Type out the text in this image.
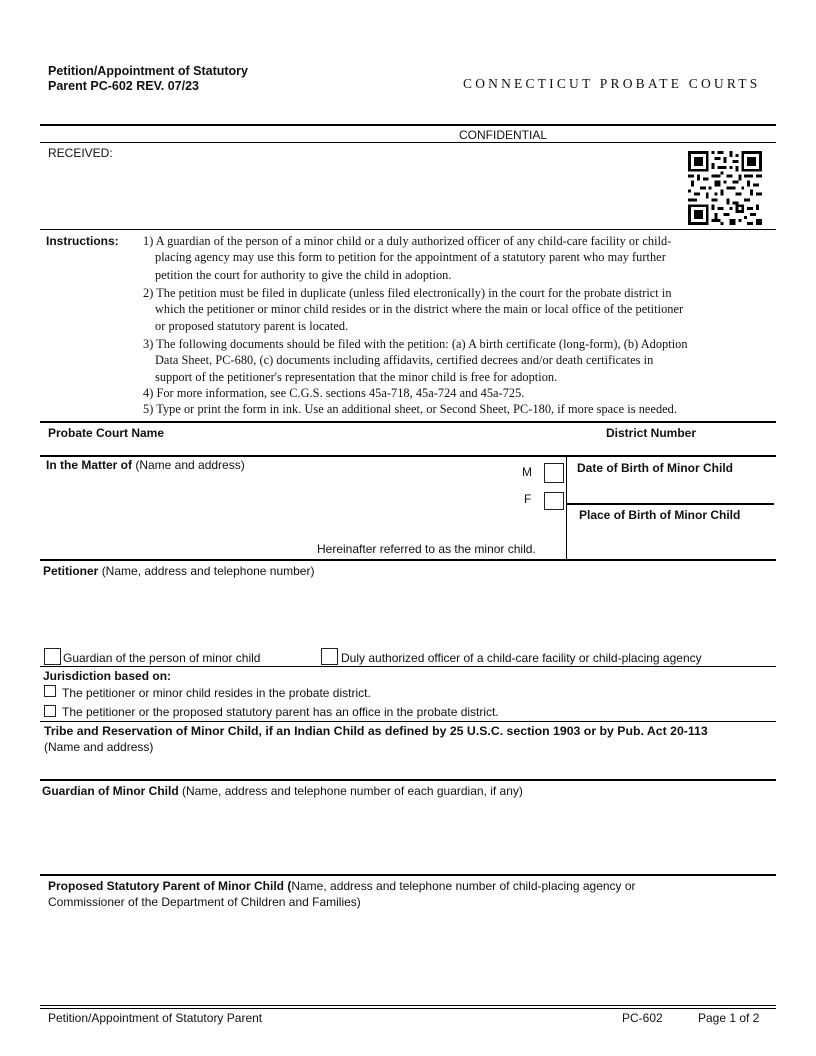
Petition/Appointment of Statutory
Parent PC-602 REV. 07/23	CONNECTICUT PROBATE COURTS
CONFIDENTIAL
RECEIVED:
Instructions: 1) A guardian of the person of a minor child or a duly authorized officer of any child-care facility or child-
placing agency may use this form to petition for the appointment of a statutory parent who may further
petition the court for authority to give the child in adoption.
2) The petition must be filed in duplicate (unless filed electronically) in the court for the probate district in
which the petitioner or minor child resides or in the district where the main or local office of the petitioner
or proposed statutory parent is located.
3) The following documents should be filed with the petition: (a) A birth certificate (long-form), (b) Adoption
Data Sheet, PC-680, (c) documents including affidavits, certified decrees and/or death certificates in
support of the petitioner's representation that the minor child is free for adoption.
4) For more information, see C.G.S. sections 45a-718, 45a-724 and 45a-725.
5) Type or print the form in ink. Use an additional sheet, or Second Sheet, PC-180, if more space is needed.
Probate Court Name	District Number
In the Matter of (Name and address)	M
F
Hereinafter referred to as the minor child.
Date of Birth of Minor Child
Place of Birth of Minor Child
Petitioner (Name, address and telephone number)
Guardian of the person of minor child	Duly authorized officer of a child-care facility or child-placing agency
Jurisdiction based on:
The petitioner or minor child resides in the probate district.
The petitioner or the proposed statutory parent has an office in the probate district.
Tribe and Reservation of Minor Child, if an Indian Child as defined by 25 U.S.C. section 1903 or by Pub. Act 20-113
(Name and address)
Guardian of Minor Child (Name, address and telephone number of each guardian, if any)
Proposed Statutory Parent of Minor Child (Name, address and telephone number of child-placing agency or
Commissioner of the Department of Children and Families)
Petition/Appointment of Statutory Parent	PC-602	Page 1 of 2
